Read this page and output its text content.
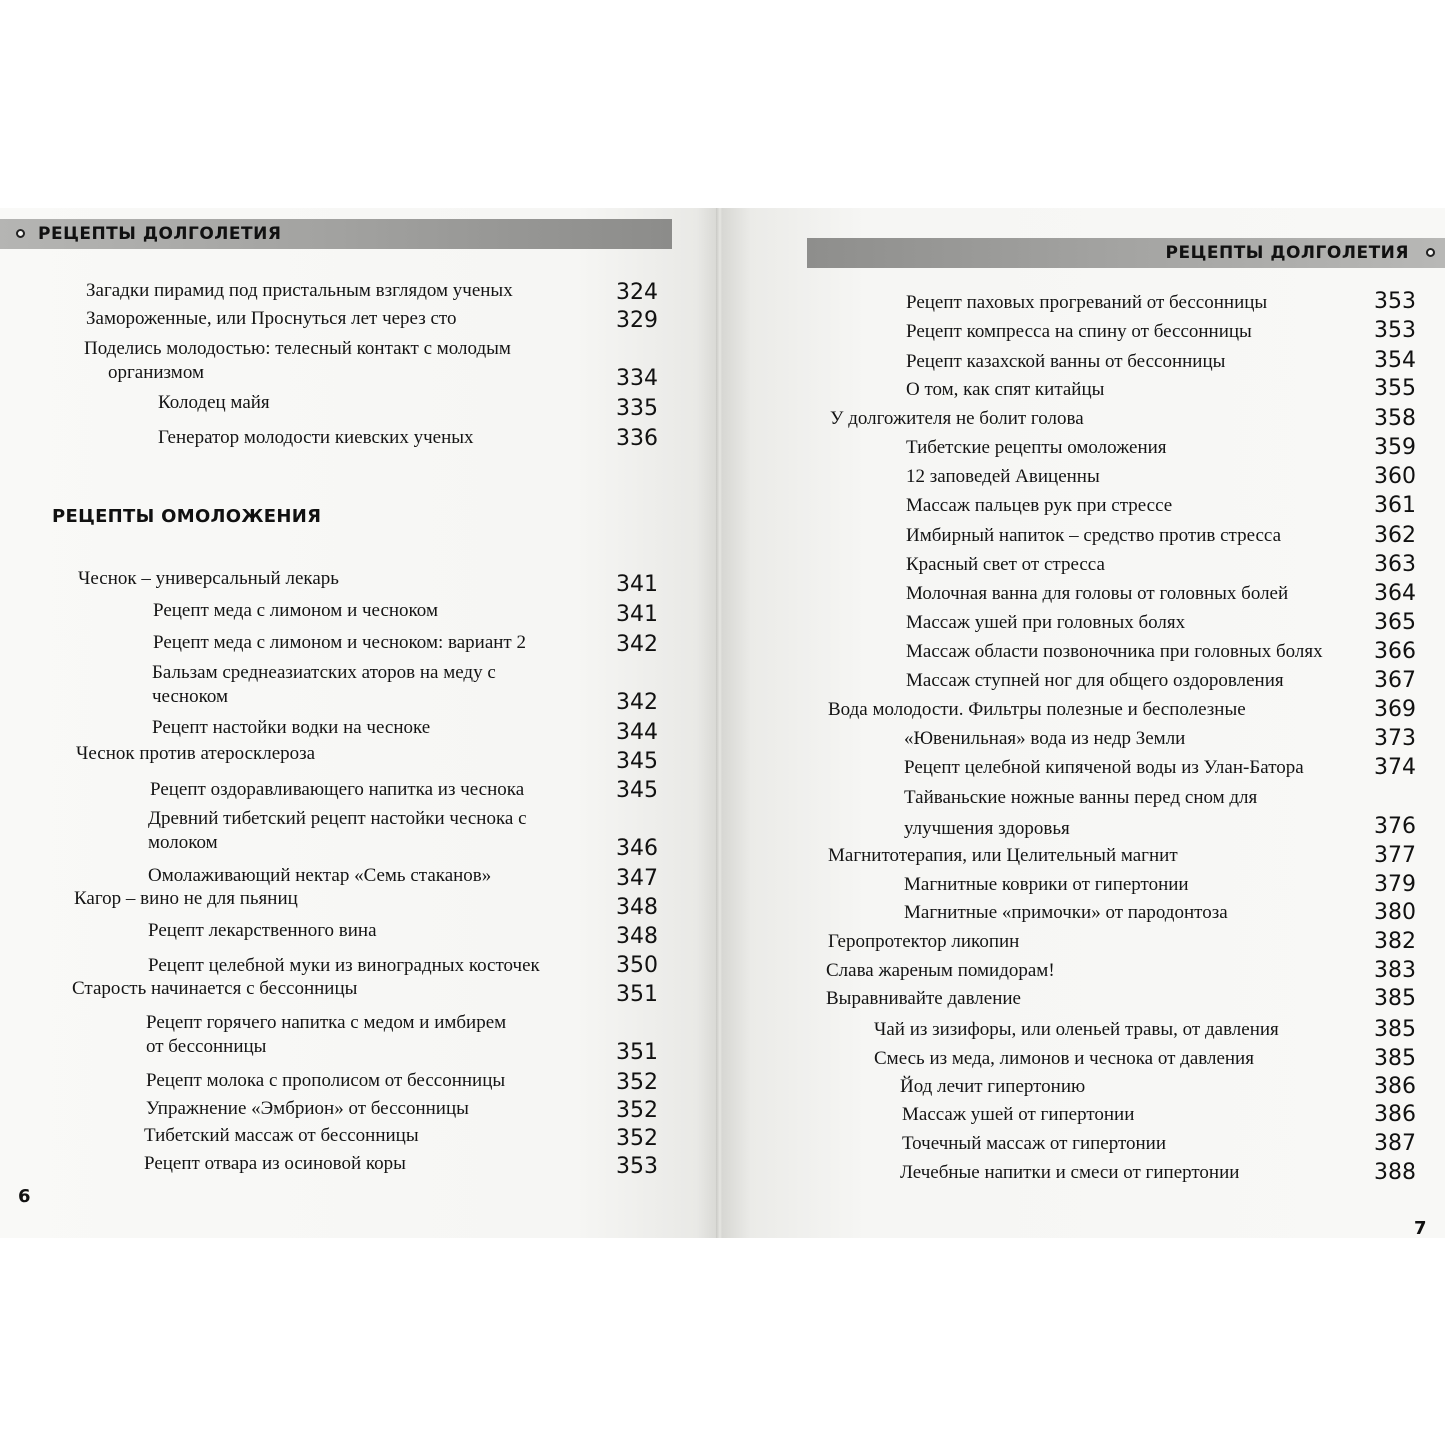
РЕЦЕПТЫ ДОЛГОЛЕТИЯ
РЕЦЕПТЫ ОМОЛОЖЕНИЯ
6
РЕЦЕПТЫ ДОЛГОЛЕТИЯ
7
Загадки пирамид под пристальным взглядом ученых	324
Замороженные, или Проснуться лет через сто	329
Поделись молодостью: телесный контакт с молодым
организмом	334
Колодец майя	335
Генератор молодости киевских ученых	336
Чеснок – универсальный лекарь	341
Рецепт меда с лимоном и чесноком	341
Рецепт меда с лимоном и чесноком: вариант 2	342
Бальзам среднеазиатских аторов на меду с
чесноком	342
Рецепт настойки водки на чесноке	344
Чеснок против атеросклероза	345
Рецепт оздоравливающего напитка из чеснока	345
Древний тибетский рецепт настойки чеснока с
молоком	346
Омолаживающий нектар «Семь стаканов»	347
Кагор – вино не для пьяниц	348
Рецепт лекарственного вина	348
Рецепт целебной муки из виноградных косточек	350
Старость начинается с бессонницы	351
Рецепт горячего напитка с медом и имбирем
от бессонницы	351
Рецепт молока с прополисом от бессонницы	352
Упражнение «Эмбрион» от бессонницы	352
Тибетский массаж от бессонницы	352
Рецепт отвара из осиновой коры	353
Рецепт паховых прогреваний от бессонницы	353
Рецепт компресса на спину от бессонницы	353
Рецепт казахской ванны от бессонницы	354
О том, как спят китайцы	355
У долгожителя не болит голова	358
Тибетские рецепты омоложения	359
12 заповедей Авиценны	360
Массаж пальцев рук при стрессе	361
Имбирный напиток – средство против стресса	362
Красный свет от стресса	363
Молочная ванна для головы от головных болей	364
Массаж ушей при головных болях	365
Массаж области позвоночника при головных болях	366
Массаж ступней ног для общего оздоровления	367
Вода молодости. Фильтры полезные и бесполезные	369
«Ювенильная» вода из недр Земли	373
Рецепт целебной кипяченой воды из Улан-Батора	374
Тайваньские ножные ванны перед сном для
улучшения здоровья	376
Магнитотерапия, или Целительный магнит	377
Магнитные коврики от гипертонии	379
Магнитные «примочки» от пародонтоза	380
Геропротектор ликопин	382
Слава жареным помидорам!	383
Выравнивайте давление	385
Чай из зизифоры, или оленьей травы, от давления	385
Смесь из меда, лимонов и чеснока от давления	385
Йод лечит гипертонию	386
Массаж ушей от гипертонии	386
Точечный массаж от гипертонии	387
Лечебные напитки и смеси от гипертонии	388
